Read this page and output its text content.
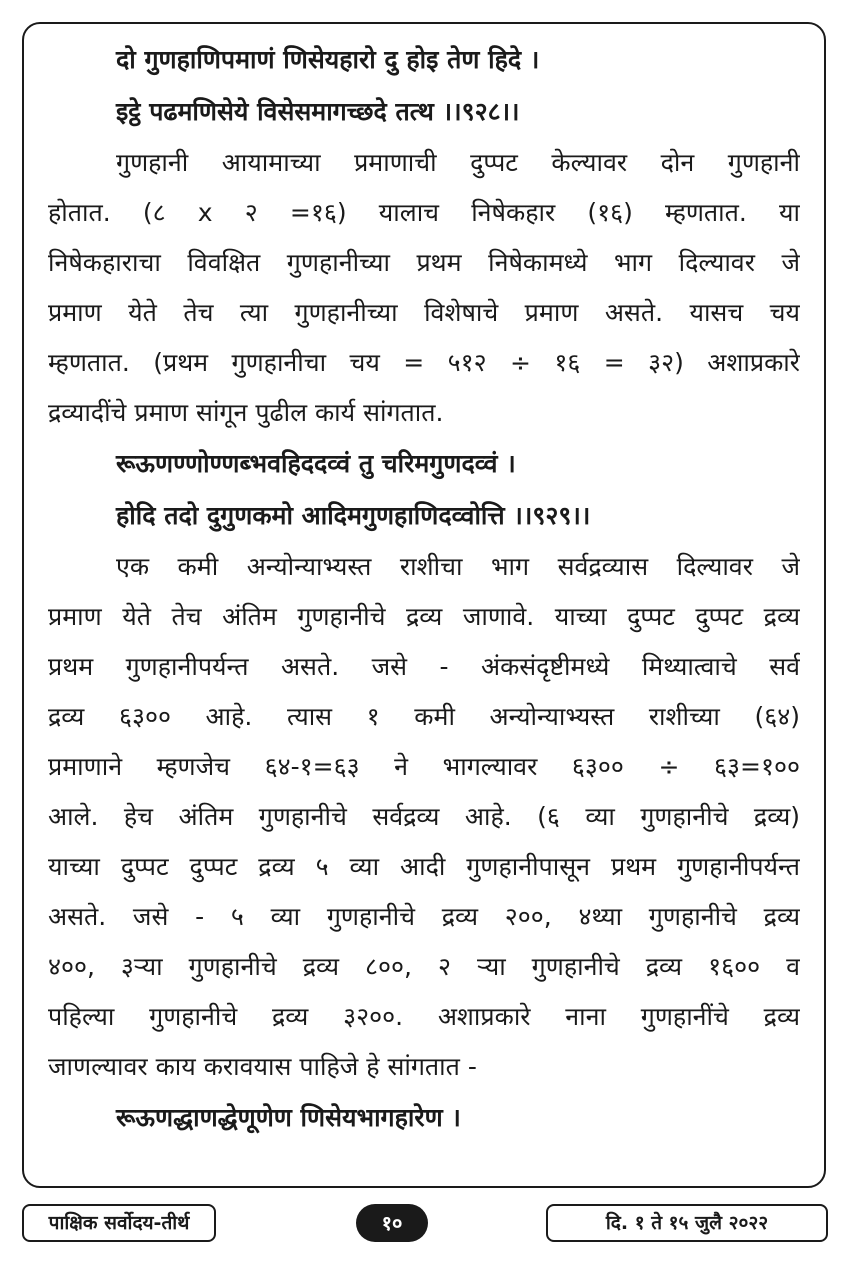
दो गुणहाणिपमाणं णिसेयहारो दु होइ तेण हिदे ।
इट्ठे पढमणिसेये विसेसमागच्छदे तत्थ ।।९२८।।
गुणहानी आयामाच्या प्रमाणाची दुप्पट केल्यावर दोन गुणहानी
होतात. (८ x २ =१६) यालाच निषेकहार (१६) म्हणतात. या
निषेकहाराचा विवक्षित गुणहानीच्या प्रथम निषेकामध्ये भाग दिल्यावर जे
प्रमाण येते तेच त्या गुणहानीच्या विशेषाचे प्रमाण असते. यासच चय
म्हणतात. (प्रथम गुणहानीचा चय = ५१२ ÷ १६ = ३२) अशाप्रकारे
द्रव्यादींचे प्रमाण सांगून पुढील कार्य सांगतात.
रूऊणण्णोण्णब्भवहिददव्वं तु चरिमगुणदव्वं ।
होदि तदो दुगुणकमो आदिमगुणहाणिदव्वोत्ति ।।९२९।।
एक कमी अन्योन्याभ्यस्त राशीचा भाग सर्वद्रव्यास दिल्यावर जे
प्रमाण येते तेच अंतिम गुणहानीचे द्रव्य जाणावे. याच्या दुप्पट दुप्पट द्रव्य
प्रथम गुणहानीपर्यन्त असते. जसे - अंकसंदृष्टीमध्ये मिथ्यात्वाचे सर्व
द्रव्य ६३०० आहे. त्यास १ कमी अन्योन्याभ्यस्त राशीच्या (६४)
प्रमाणाने म्हणजेच ६४-१=६३ ने भागल्यावर ६३०० ÷ ६३=१००
आले. हेच अंतिम गुणहानीचे सर्वद्रव्य आहे. (६ व्या गुणहानीचे द्रव्य)
याच्या दुप्पट दुप्पट द्रव्य ५ व्या आदी गुणहानीपासून प्रथम गुणहानीपर्यन्त
असते. जसे - ५ व्या गुणहानीचे द्रव्य २००, ४थ्या गुणहानीचे द्रव्य
४००, ३ऱ्या गुणहानीचे द्रव्य ८००, २ ऱ्या गुणहानीचे द्रव्य १६०० व
पहिल्या गुणहानीचे द्रव्य ३२००. अशाप्रकारे नाना गुणहानींचे द्रव्य
जाणल्यावर काय करावयास पाहिजे हे सांगतात -
रूऊणद्धाणद्धेणूणेण णिसेयभागहारेण ।
पाक्षिक सर्वोदय-तीर्थ	१०	दि. १ ते १५ जुलै २०२२
